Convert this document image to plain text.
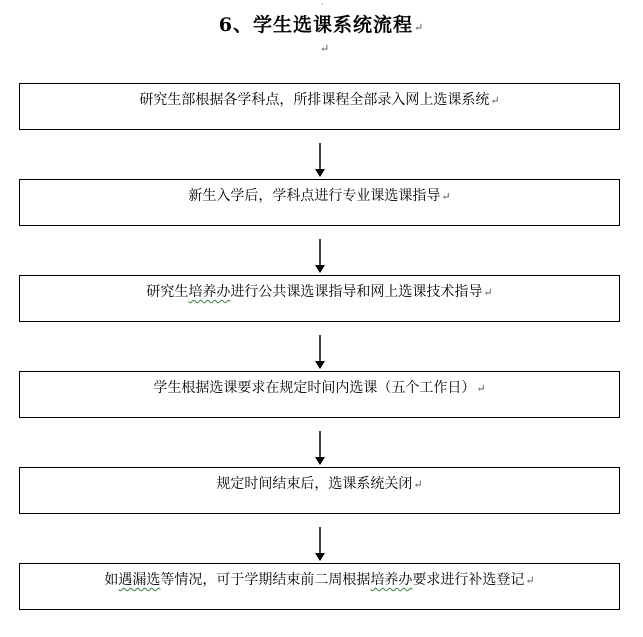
·
6、学生选课系统流程↵
↵
研究生部根据各学科点，所排课程全部录入网上选课系统↵
新生入学后，学科点进行专业课选课指导↵
研究生培养办进行公共课选课指导和网上选课技术指导↵
学生根据选课要求在规定时间内选课（五个工作日）↵
规定时间结束后，选课系统关闭↵
如遇漏选等情况，可于学期结束前二周根据培养办要求进行补选登记↵
